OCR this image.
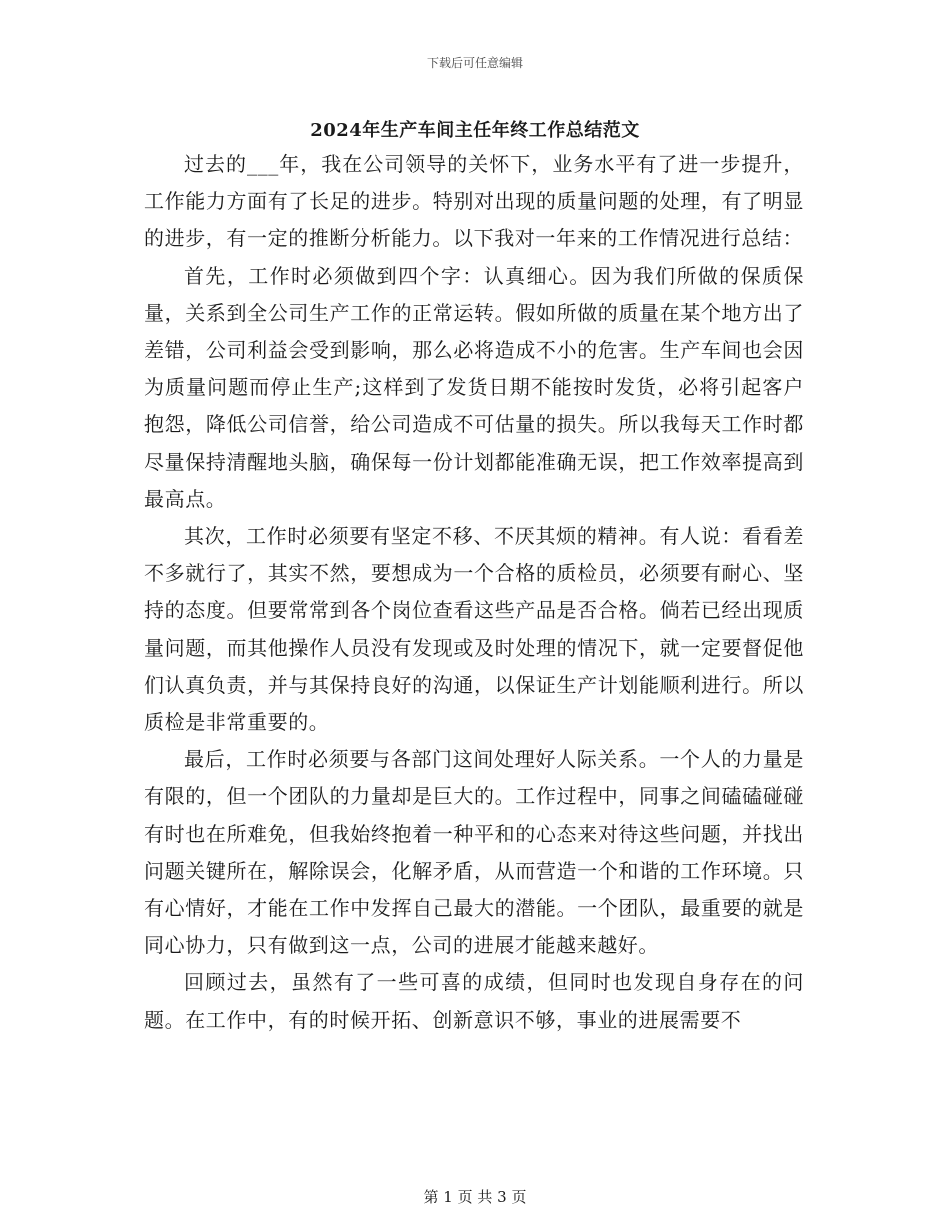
下载后可任意编辑
2024年生产车间主任年终工作总结范文

过去的___年，我在公司领导的关怀下，业务水平有了进一步提升，工作能力方面有了长足的进步。特别对出现的质量问题的处理，有了明显的进步，有一定的推断分析能力。以下我对一年来的工作情况进行总结：

首先，工作时必须做到四个字：认真细心。因为我们所做的保质保量，关系到全公司生产工作的正常运转。假如所做的质量在某个地方出了差错，公司利益会受到影响，那么必将造成不小的危害。生产车间也会因为质量问题而停止生产;这样到了发货日期不能按时发货，必将引起客户抱怨，降低公司信誉，给公司造成不可估量的损失。所以我每天工作时都尽量保持清醒地头脑，确保每一份计划都能准确无误，把工作效率提高到最高点。

其次，工作时必须要有坚定不移、不厌其烦的精神。有人说：看看差不多就行了，其实不然，要想成为一个合格的质检员，必须要有耐心、坚持的态度。但要常常到各个岗位查看这些产品是否合格。倘若已经出现质量问题，而其他操作人员没有发现或及时处理的情况下，就一定要督促他们认真负责，并与其保持良好的沟通，以保证生产计划能顺利进行。所以质检是非常重要的。

最后，工作时必须要与各部门这间处理好人际关系。一个人的力量是有限的，但一个团队的力量却是巨大的。工作过程中，同事之间磕磕碰碰有时也在所难免，但我始终抱着一种平和的心态来对待这些问题，并找出问题关键所在，解除误会，化解矛盾，从而营造一个和谐的工作环境。只有心情好，才能在工作中发挥自己最大的潜能。一个团队，最重要的就是同心协力，只有做到这一点，公司的进展才能越来越好。

回顾过去，虽然有了一些可喜的成绩，但同时也发现自身存在的问题。在工作中，有的时候开拓、创新意识不够，事业的进展需要不

第 1 页 共 3 页
